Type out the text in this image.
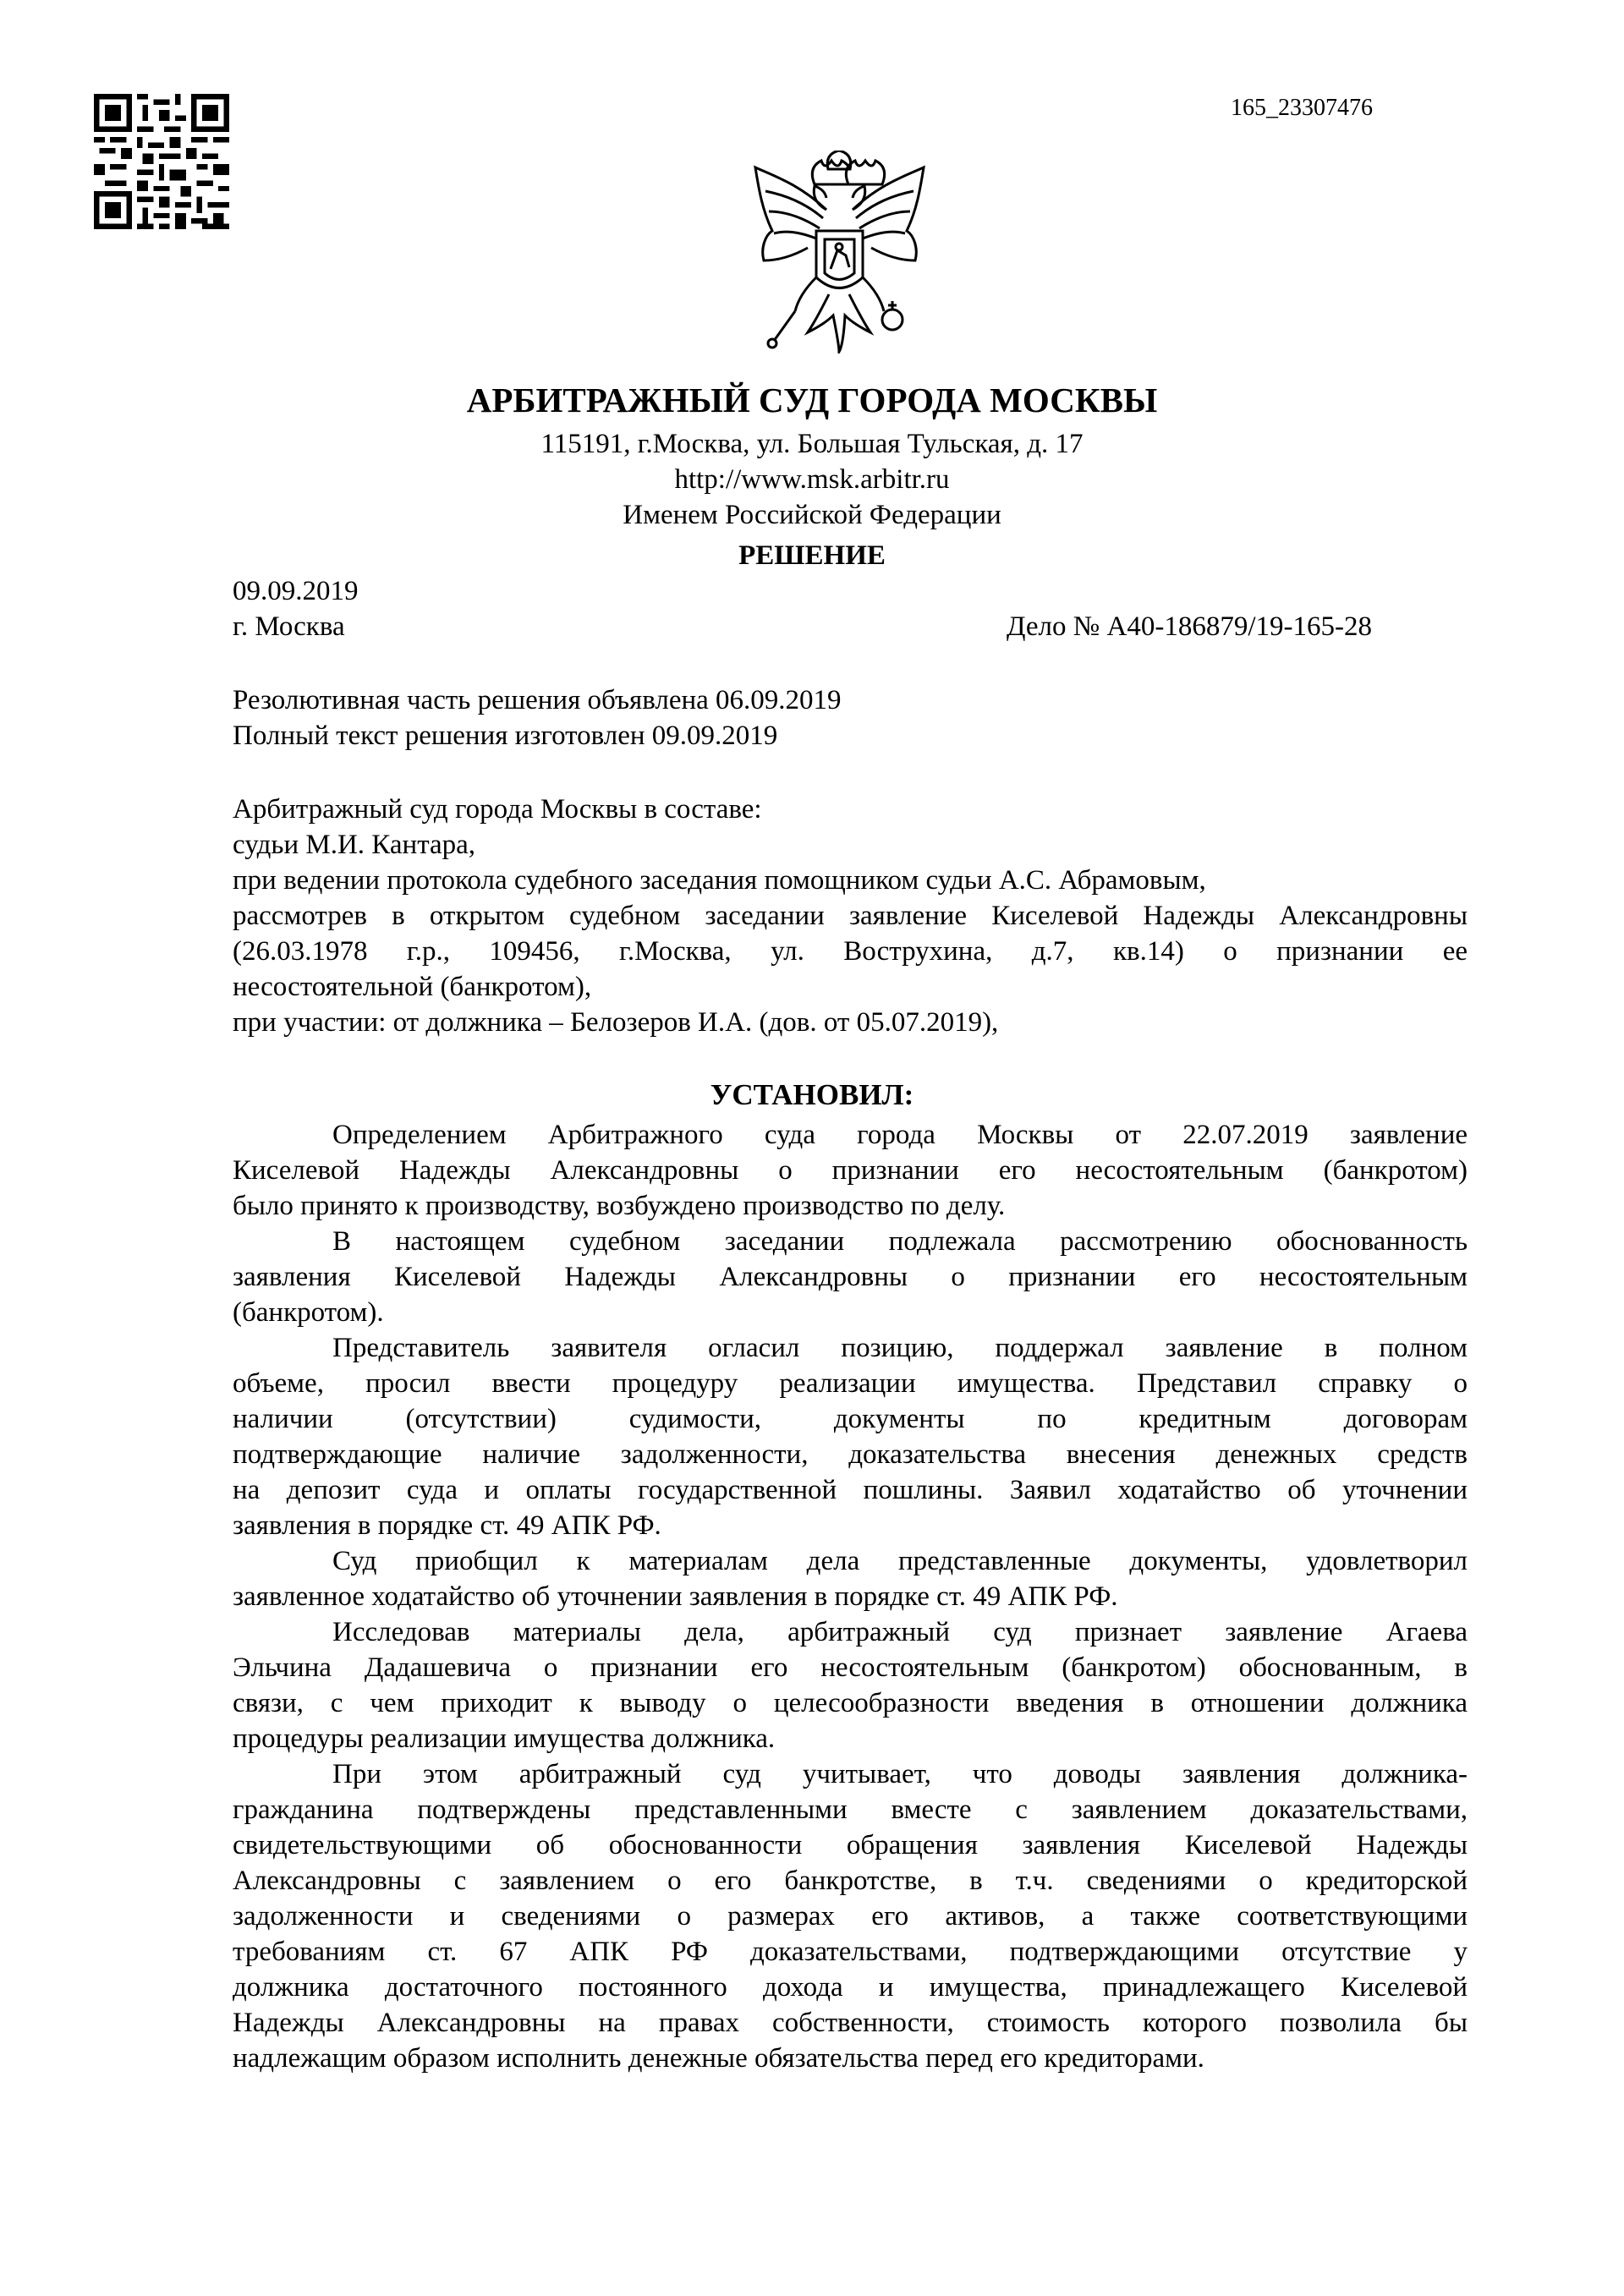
165_23307476
АРБИТРАЖНЫЙ СУД ГОРОДА МОСКВЫ
115191, г.Москва, ул. Большая Тульская, д. 17
http://www.msk.arbitr.ru
Именем Российской Федерации
РЕШЕНИЕ
09.09.2019
г. Москва	Дело № А40-186879/19-165-28
Резолютивная часть решения объявлена 06.09.2019
Полный текст решения изготовлен 09.09.2019
Арбитражный суд города Москвы в составе:
судьи М.И. Кантара,
при ведении протокола судебного заседания помощником судьи А.С. Абрамовым,
рассмотрев в открытом судебном заседании заявление Киселевой Надежды Александровны
(26.03.1978 г.р., 109456, г.Москва, ул. Вострухина, д.7, кв.14) о признании ее
несостоятельной (банкротом),
при участии: от должника – Белозеров И.А. (дов. от 05.07.2019),
УСТАНОВИЛ:
Определением Арбитражного суда города Москвы от 22.07.2019 заявление
Киселевой Надежды Александровны о признании его несостоятельным (банкротом)
было принято к производству, возбуждено производство по делу.
В настоящем судебном заседании подлежала рассмотрению обоснованность
заявления Киселевой Надежды Александровны о признании его несостоятельным
(банкротом).
Представитель заявителя огласил позицию, поддержал заявление в полном
объеме, просил ввести процедуру реализации имущества. Представил справку о
наличии (отсутствии) судимости, документы по кредитным договорам
подтверждающие наличие задолженности, доказательства внесения денежных средств
на депозит суда и оплаты государственной пошлины. Заявил ходатайство об уточнении
заявления в порядке ст. 49 АПК РФ.
Суд приобщил к материалам дела представленные документы, удовлетворил
заявленное ходатайство об уточнении заявления в порядке ст. 49 АПК РФ.
Исследовав материалы дела, арбитражный суд признает заявление Агаева
Эльчина Дадашевича о признании его несостоятельным (банкротом) обоснованным, в
связи, с чем приходит к выводу о целесообразности введения в отношении должника
процедуры реализации имущества должника.
При этом арбитражный суд учитывает, что доводы заявления должника-
гражданина подтверждены представленными вместе с заявлением доказательствами,
свидетельствующими об обоснованности обращения заявления Киселевой Надежды
Александровны с заявлением о его банкротстве, в т.ч. сведениями о кредиторской
задолженности и сведениями о размерах его активов, а также соответствующими
требованиям ст. 67 АПК РФ доказательствами, подтверждающими отсутствие у
должника достаточного постоянного дохода и имущества, принадлежащего Киселевой
Надежды Александровны на правах собственности, стоимость которого позволила бы
надлежащим образом исполнить денежные обязательства перед его кредиторами.
